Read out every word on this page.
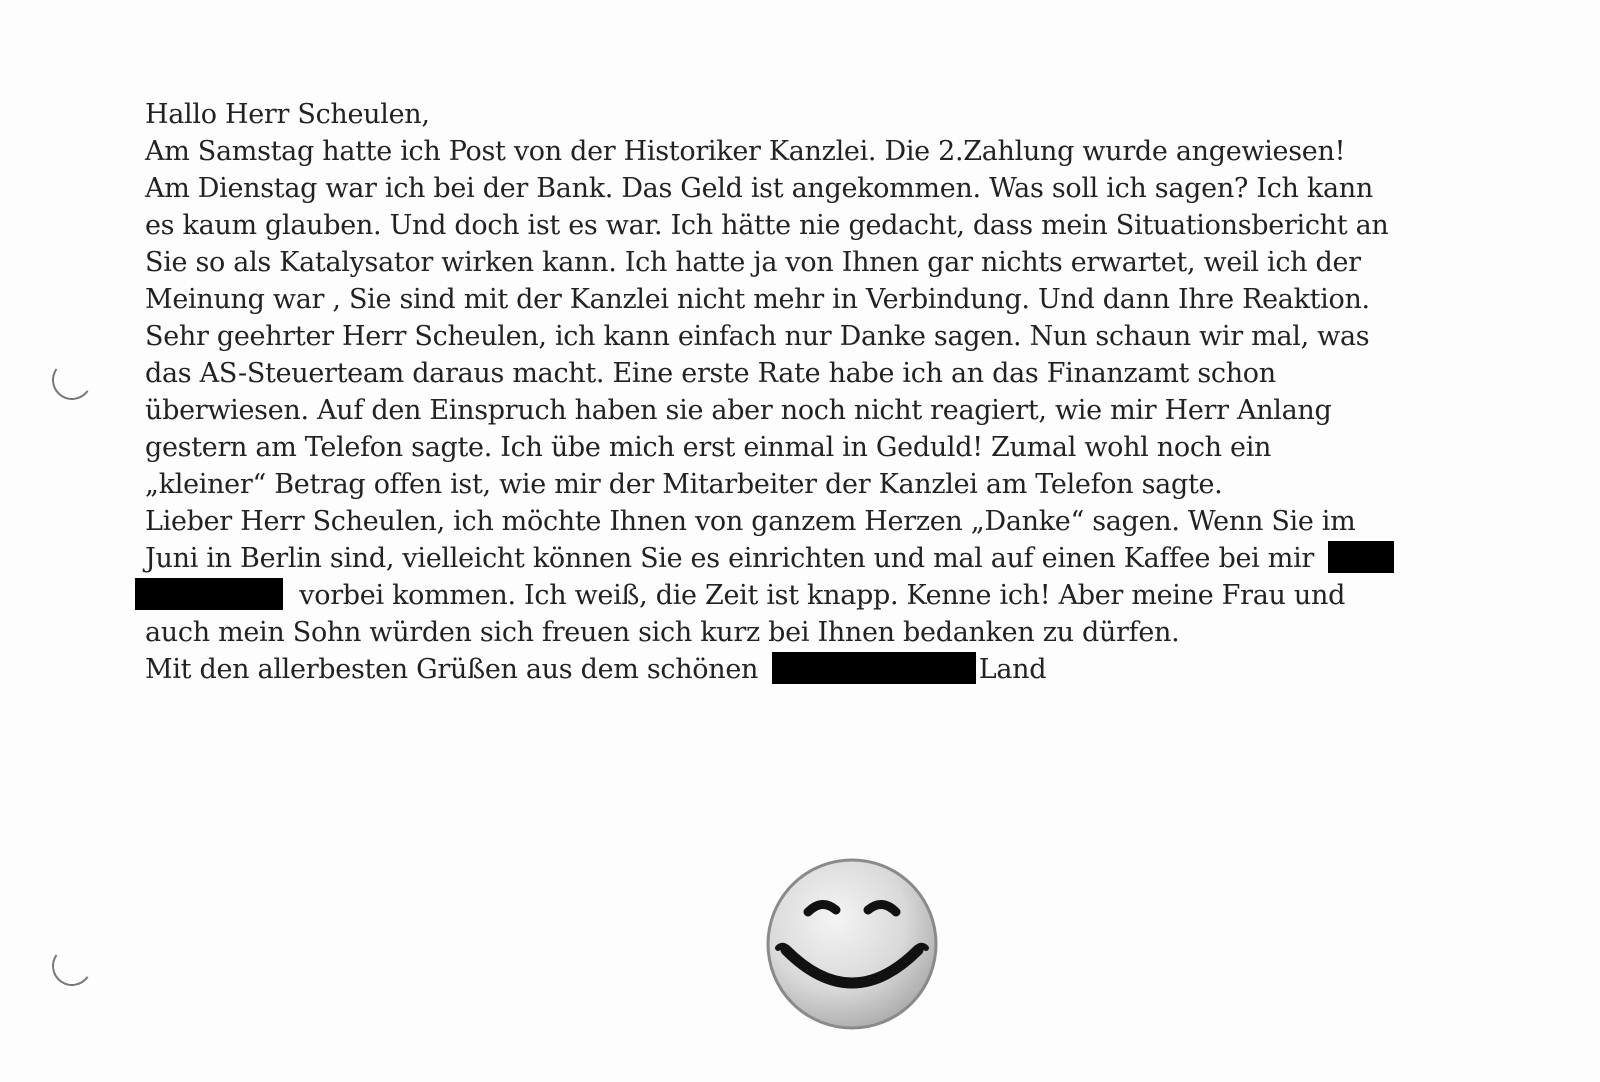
Hallo Herr Scheulen,
Am Samstag hatte ich Post von der Historiker Kanzlei. Die 2.Zahlung wurde angewiesen!
Am Dienstag war ich bei der Bank. Das Geld ist angekommen. Was soll ich sagen? Ich kann
es kaum glauben. Und doch ist es war. Ich hätte nie gedacht, dass mein Situationsbericht an
Sie so als Katalysator wirken kann. Ich hatte ja von Ihnen gar nichts erwartet, weil ich der
Meinung war , Sie sind mit der Kanzlei nicht mehr in Verbindung. Und dann Ihre Reaktion.
Sehr geehrter Herr Scheulen, ich kann einfach nur Danke sagen. Nun schaun wir mal, was
das AS-Steuerteam daraus macht. Eine erste Rate habe ich an das Finanzamt schon
überwiesen. Auf den Einspruch haben sie aber noch nicht reagiert, wie mir Herr Anlang
gestern am Telefon sagte. Ich übe mich erst einmal in Geduld! Zumal wohl noch ein
„kleiner“ Betrag offen ist, wie mir der Mitarbeiter der Kanzlei am Telefon sagte.
Lieber Herr Scheulen, ich möchte Ihnen von ganzem Herzen „Danke“ sagen. Wenn Sie im
Juni in Berlin sind, vielleicht können Sie es einrichten und mal auf einen Kaffee bei mir
vorbei kommen. Ich weiß, die Zeit ist knapp. Kenne ich! Aber meine Frau und
auch mein Sohn würden sich freuen sich kurz bei Ihnen bedanken zu dürfen.
Mit den allerbesten Grüßen aus dem schönen	Land
